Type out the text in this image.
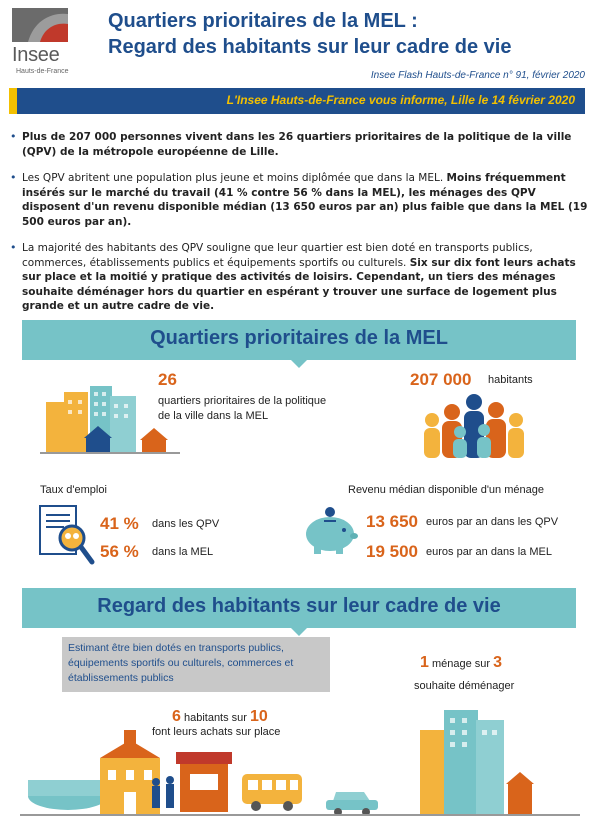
Insee
Hauts-de-France
Quartiers prioritaires de la MEL :
Regard des habitants sur leur cadre de vie
Insee Flash Hauts-de-France n° 91, février 2020
L'Insee Hauts-de-France vous informe, Lille le 14 février 2020
• Plus de 207 000 personnes vivent dans les 26 quartiers prioritaires de la politique de la ville (QPV) de la métropole européenne de Lille.
• Les QPV abritent une population plus jeune et moins diplômée que dans la MEL. Moins fréquemment insérés sur le marché du travail (41 % contre 56 % dans la MEL), les ménages des QPV disposent d'un revenu disponible médian (13 650 euros par an) plus faible que dans la MEL (19 500 euros par an).
• La majorité des habitants des QPV souligne que leur quartier est bien doté en transports publics, commerces, établissements publics et équipements sportifs ou culturels. Six sur dix font leurs achats sur place et la moitié y pratique des activités de loisirs. Cependant, un tiers des ménages souhaite déménager hors du quartier en espérant y trouver une surface de logement plus grande et un autre cadre de vie.
Quartiers prioritaires de la MEL
26
quartiers prioritaires de la politique de la ville dans la MEL
207 000 habitants
Taux d'emploi
41 % dans les QPV
56 % dans la MEL
Revenu médian disponible d'un ménage
13 650 euros par an dans les QPV
19 500 euros par an dans la MEL
Regard des habitants sur leur cadre de vie
Estimant être bien dotés en transports publics, équipements sportifs ou culturels, commerces et établissements publics
1 ménage sur 3
souhaite déménager
6 habitants sur 10
font leurs achats sur place
